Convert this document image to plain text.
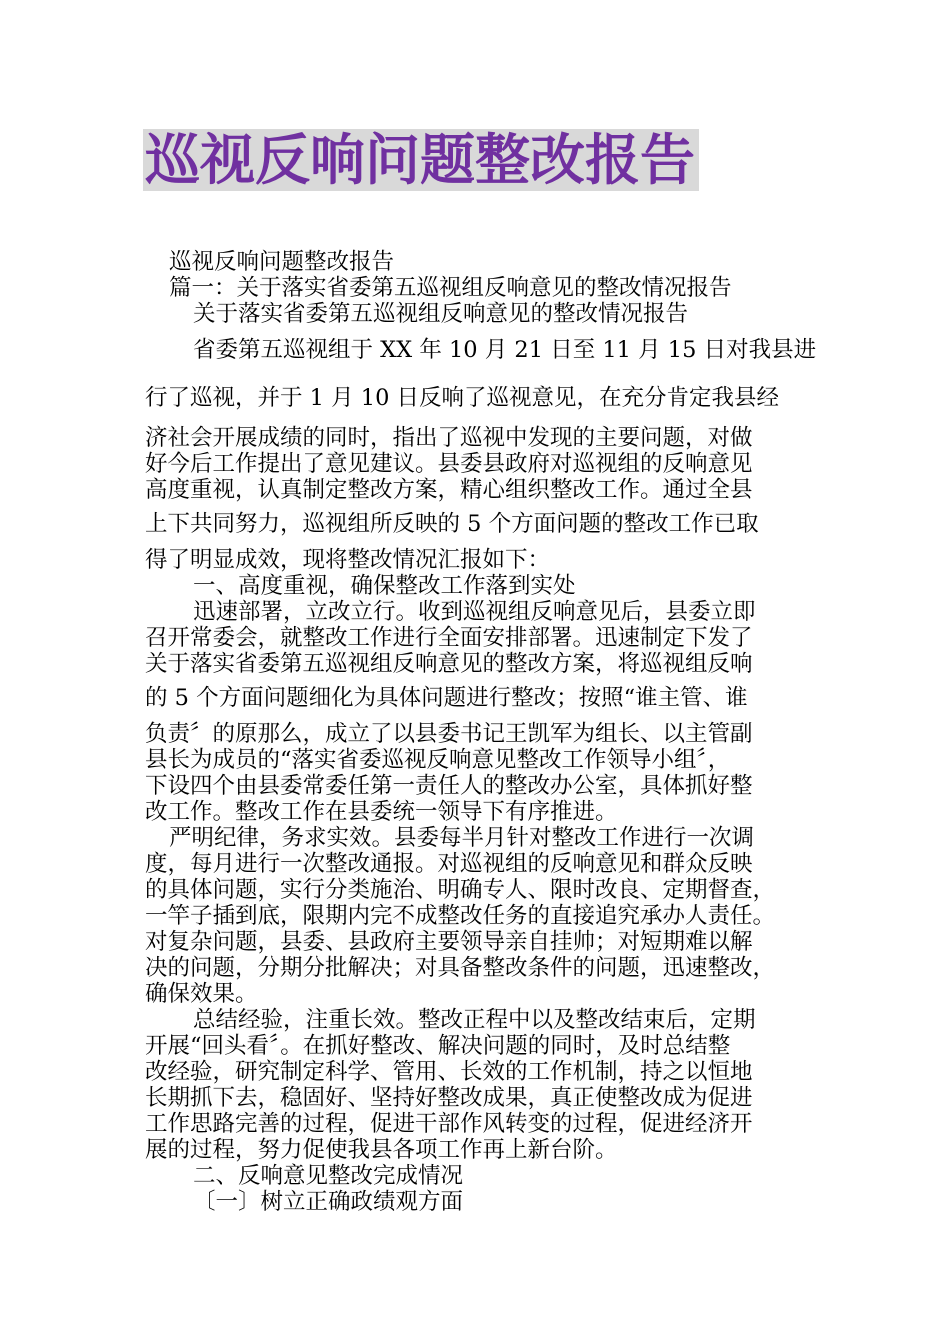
巡视反响问题整改报告
巡视反响问题整改报告
篇一：关于落实省委第五巡视组反响意见的整改情况报告
关于落实省委第五巡视组反响意见的整改情况报告
省委第五巡视组于 XX 年 10 月 21 日至 11 月 15 日对我县进
行了巡视，并于 1 月 10 日反响了巡视意见，在充分肯定我县经
济社会开展成绩的同时，指出了巡视中发现的主要问题，对做
好今后工作提出了意见建议。县委县政府对巡视组的反响意见
高度重视，认真制定整改方案，精心组织整改工作。通过全县
上下共同努力，巡视组所反映的 5 个方面问题的整改工作已取
得了明显成效，现将整改情况汇报如下：
一、高度重视，确保整改工作落到实处
迅速部署，立改立行。收到巡视组反响意见后，县委立即
召开常委会，就整改工作进行全面安排部署。迅速制定下发了
关于落实省委第五巡视组反响意见的整改方案，将巡视组反响
的 5 个方面问题细化为具体问题进行整改；按照“谁主管、谁
负责〞的原那么，成立了以县委书记王凯军为组长、以主管副
县长为成员的“落实省委巡视反响意见整改工作领导小组〞，
下设四个由县委常委任第一责任人的整改办公室，具体抓好整
改工作。整改工作在县委统一领导下有序推进。
严明纪律，务求实效。县委每半月针对整改工作进行一次调
度，每月进行一次整改通报。对巡视组的反响意见和群众反映
的具体问题，实行分类施治、明确专人、限时改良、定期督查，
一竿子插到底，限期内完不成整改任务的直接追究承办人责任。
对复杂问题，县委、县政府主要领导亲自挂帅；对短期难以解
决的问题，分期分批解决；对具备整改条件的问题，迅速整改，
确保效果。
总结经验，注重长效。整改正程中以及整改结束后，定期
开展“回头看〞。在抓好整改、解决问题的同时，及时总结整
改经验，研究制定科学、管用、长效的工作机制，持之以恒地
长期抓下去，稳固好、坚持好整改成果，真正使整改成为促进
工作思路完善的过程，促进干部作风转变的过程，促进经济开
展的过程，努力促使我县各项工作再上新台阶。
二、反响意见整改完成情况
〔一〕树立正确政绩观方面
